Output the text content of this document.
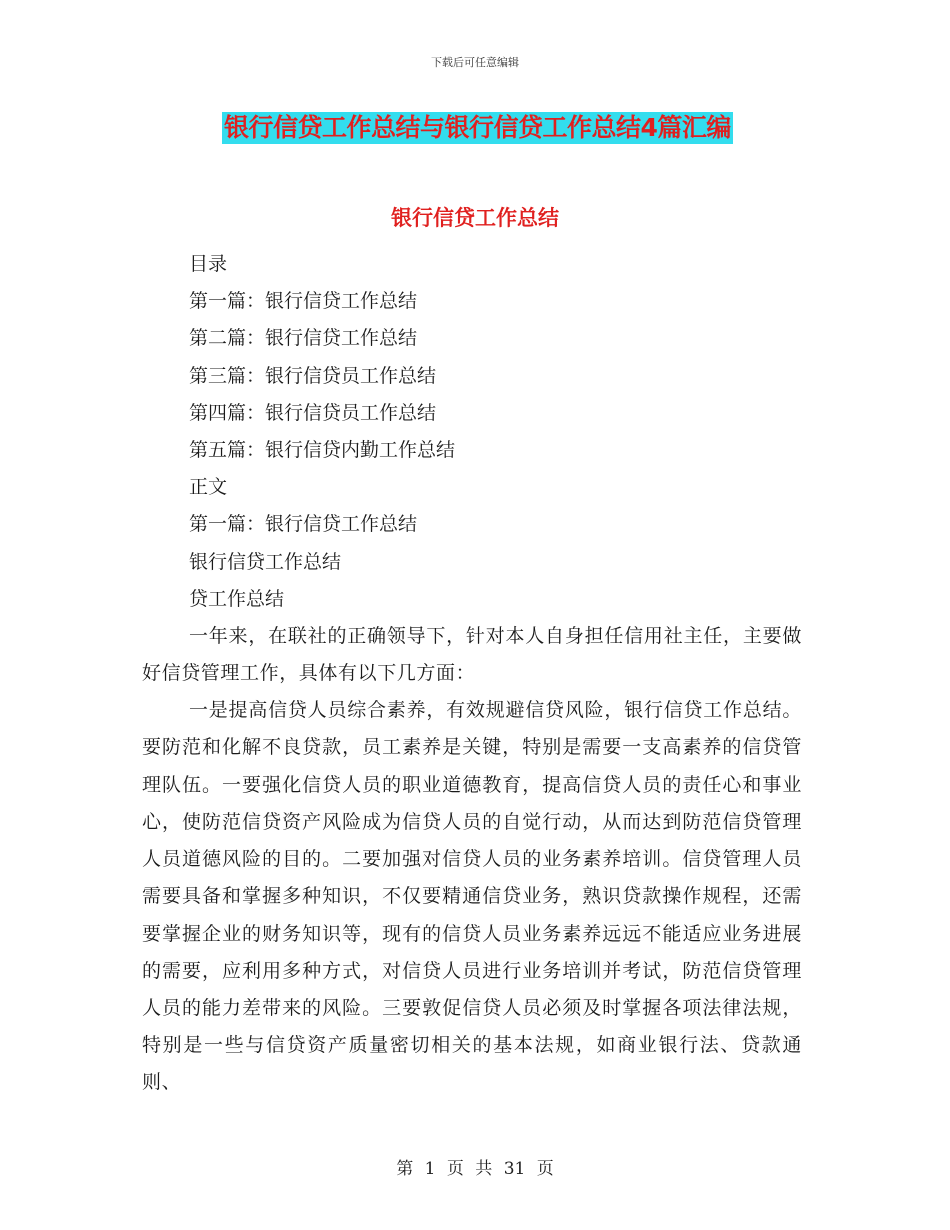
下载后可任意编辑
银行信贷工作总结与银行信贷工作总结4篇汇编
银行信贷工作总结
目录
第一篇：银行信贷工作总结
第二篇：银行信贷工作总结
第三篇：银行信贷员工作总结
第四篇：银行信贷员工作总结
第五篇：银行信贷内勤工作总结
正文
第一篇：银行信贷工作总结
银行信贷工作总结
贷工作总结

一年来，在联社的正确领导下，针对本人自身担任信用社主任，主要做好信贷管理工作，具体有以下几方面：

一是提高信贷人员综合素养，有效规避信贷风险，银行信贷工作总结。要防范和化解不良贷款，员工素养是关键，特别是需要一支高素养的信贷管理队伍。一要强化信贷人员的职业道德教育，提高信贷人员的责任心和事业心，使防范信贷资产风险成为信贷人员的自觉行动，从而达到防范信贷管理人员道德风险的目的。二要加强对信贷人员的业务素养培训。信贷管理人员需要具备和掌握多种知识，不仅要精通信贷业务，熟识贷款操作规程，还需要掌握企业的财务知识等，现有的信贷人员业务素养远远不能适应业务进展的需要，应利用多种方式，对信贷人员进行业务培训并考试，防范信贷管理人员的能力差带来的风险。三要敦促信贷人员必须及时掌握各项法律法规，特别是一些与信贷资产质量密切相关的基本法规，如商业银行法、贷款通则、

第 1 页 共 31 页
